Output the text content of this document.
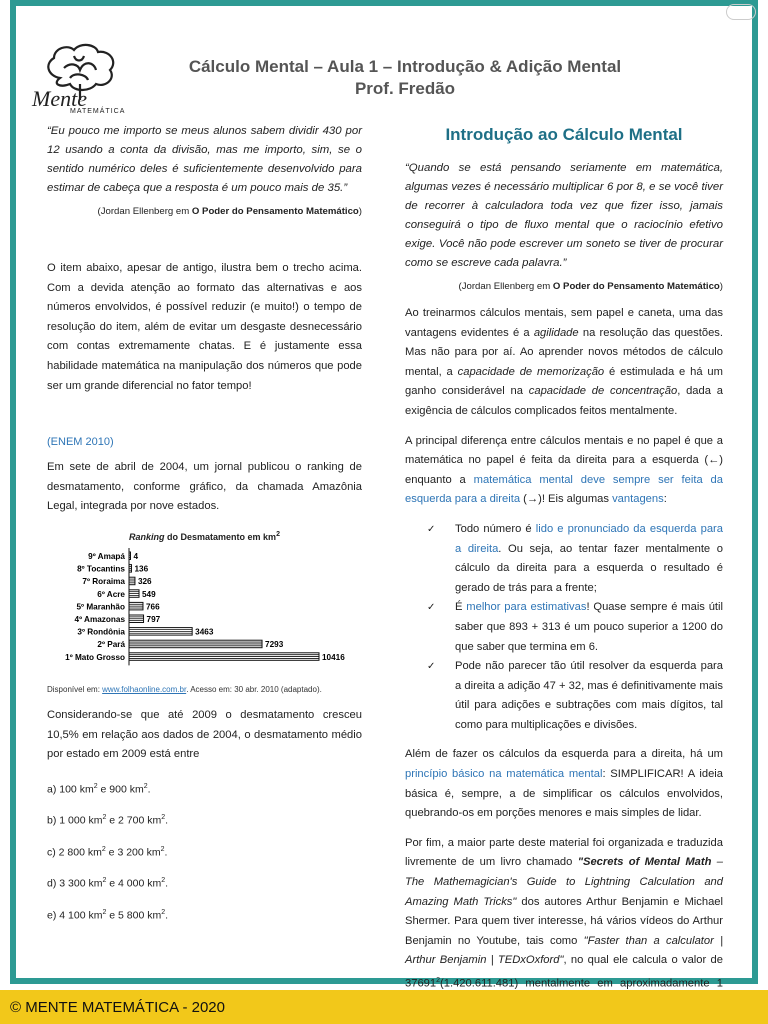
Mente
MATEMÁTICA
Cálculo Mental – Aula 1 – Introdução & Adição Mental
Prof. Fredão
“Eu pouco me importo se meus alunos sabem dividir 430 por 12 usando a conta da divisão, mas me importo, sim, se o sentido numérico deles é suficientemente desenvolvido para estimar de cabeça que a resposta é um pouco mais de 35.”
(Jordan Ellenberg em O Poder do Pensamento Matemático)
O item abaixo, apesar de antigo, ilustra bem o trecho acima. Com a devida atenção ao formato das alternativas e aos números envolvidos, é possível reduzir (e muito!) o tempo de resolução do item, além de evitar um desgaste desnecessário com contas extremamente chatas. E é justamente essa habilidade matemática na manipulação dos números que pode ser um grande diferencial no fator tempo!
(ENEM 2010)
Em sete de abril de 2004, um jornal publicou o ranking de desmatamento, conforme gráfico, da chamada Amazônia Legal, integrada por nove estados.
Ranking do Desmatamento em $km^2$
9º Amapá 4
8º Tocantins 136
7º Roraima 326
6º Acre 549
5º Maranhão	766
4º Amazonas	797
3º Rondônia	3463
2º Pará	7293
1º Mato Grosso	10416
Disponível em: www.folhaonline.com.br. Acesso em: 30 abr. 2010 (adaptado).
Considerando-se que até 2009 o desmatamento cresceu 10,5% em relação aos dados de 2004, o desmatamento médio por estado em 2009 está entre
a) 100 $km^2$ e 900 $km^2$.
b) 1 000 $km^2$ e 2 700 $km^2$.
c) 2 800 $km^2$ e 3 200 $km^2$.
d) 3 300 $km^2$ e 4 000 $km^2$.
e) 4 100 $km^2$ e 5 800 $km^2$.
Introdução ao Cálculo Mental
“Quando se está pensando seriamente em matemática, algumas vezes é necessário multiplicar 6 por 8, e se você tiver de recorrer à calculadora toda vez que fizer isso, jamais conseguirá o tipo de fluxo mental que o raciocínio efetivo exige. Você não pode escrever um soneto se tiver de procurar como se escreve cada palavra.”
(Jordan Ellenberg em O Poder do Pensamento Matemático)
Ao treinarmos cálculos mentais, sem papel e caneta, uma das vantagens evidentes é a agilidade na resolução das questões. Mas não para por aí. Ao aprender novos métodos de cálculo mental, a capacidade de memorização é estimulada e há um ganho considerável na capacidade de concentração, dada a exigência de cálculos complicados feitos mentalmente.
A principal diferença entre cálculos mentais e no papel é que a matemática no papel é feita da direita para a esquerda (←) enquanto a matemática mental deve sempre ser feita da esquerda para a direita (→)! Eis algumas vantagens:
✓ Todo número é lido e pronunciado da esquerda para a direita. Ou seja, ao tentar fazer mentalmente o cálculo da direita para a esquerda o resultado é gerado de trás para a frente;
✓ É melhor para estimativas! Quase sempre é mais útil saber que 893 + 313 é um pouco superior a 1200 do que saber que termina em 6.
✓ Pode não parecer tão útil resolver da esquerda para a direita a adição 47 + 32, mas é definitivamente mais útil para adições e subtrações com mais dígitos, tal como para multiplicações e divisões.
Além de fazer os cálculos da esquerda para a direita, há um princípio básico na matemática mental: SIMPLIFICAR! A ideia básica é, sempre, a de simplificar os cálculos envolvidos, quebrando-os em porções menores e mais simples de lidar.
Por fim, a maior parte deste material foi organizada e traduzida livremente de um livro chamado "Secrets of Mental Math – The Mathemagician's Guide to Lightning Calculation and Amazing Math Tricks" dos autores Arthur Benjamin e Michael Shermer. Para quem tiver interesse, há vários vídeos do Arthur Benjamin no Youtube, tais como "Faster than a calculator | Arthur Benjamin | TEDxOxford", no qual ele calcula o valor de 37691$^2$(1.420.611.481) mentalmente em aproximadamente 1
© MENTE MATEMÁTICA - 2020
